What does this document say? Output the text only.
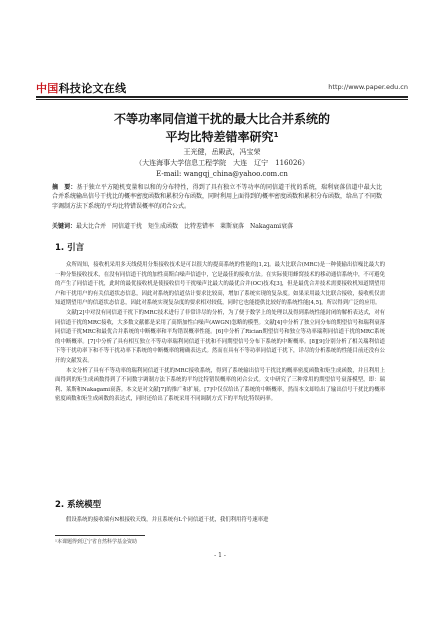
中国科技论文在线	http://www.paper.edu.cn
不等功率同信道干扰的最大比合并系统的
平均比特差错率研究$^1$
王光健，岳殿武，冯宝荣
（大连海事大学信息工程学院　大连　辽宁　116026）
E-mail: wangqj_china@yahoo.com.cn
摘　要：基于独立平方随机变量和以和的分布特性，得到了具有独立不等功率的同信道干扰的系统，瑞利衰落信道中最大比合并系统输出信号干扰比的概率密度函数和累积分布函数，同时利用上面得到的概率密度函数和累积分布函数，给出了不同数字调制方法下系统的平均比特错误概率的闭合公式。
关键词：最大比合并　同信道干扰　矩生成函数　比特差错率　莱斯衰落　Nakagami衰落
1. 引言

众所周知，接收机采用多天线使用分集接收技术是可以很大的提高系统的性能的[1,2]。最大比联合(MRC)是一种使输出信噪比最大的一种分集接收技术，在没有同信道干扰的加性高斯白噪声信道中，它是最佳的接收方法。在实际使用蜂窝技术的移动通信系统中，不可避免的产生了同信道干扰，此时的最优接收机是使接收信号干扰噪声比最大的最优合并(OC)技术[3]，但是最优合并技术需要接收机知道期望用户和干扰用户的有关信道状态信息，因此对系统的信道估计要求比较高，增加了系统实现的复杂度。如果采用最大比联合接收，接收机仅需知道期望用户的信道状态信息，因此对系统实现复杂度的要求相对较低，同时它也能提供比较好的系统性能[4,5]，所以得到广泛的应用。

文献[2]中对没有同信道干扰下的MRC技术进行了非常详尽的分析，为了便于数学上的处理以及得到系统性能封闭的解析表达式，对有同信道干扰的MRC接收，大多数文献都是采用了高斯加性白噪声(AWGN)忽略的模型。文献[4]中分析了独立同分布的期望信号和瑞利衰落同信道干扰MRC和最优合并系统的中断概率和平均错误概率性能。[6]中分析了Rician期望信号和独立等功率瑞利同信道干扰的MRC系统的中断概率。[7]中分析了具有相互独立不等功率瑞利同信道干扰和不同期望信号分布下系统的中断概率。[8][9]分别分析了相关瑞利信道下等干扰功率下和不等干扰功率下系统的中断概率的精确表达式。然而在具有不等功率同信道干扰下，详尽的分析系统的性能目前还没有公开的文献发表。

本文分析了具有不等功率的瑞利同信道干扰的MRC接收系统，得到了系统输出信号干扰比的概率密度函数和矩生成函数，并且利用上面得到的矩生成函数得到了不同数字调制方法下系统的平均比特错误概率的闭合公式。文中研究了三种常用的期望信号衰落模型，即：瑞利、莱斯和Nakagami衰落。本文是对文献[7]的推广和扩展。[7]中仅仅给出了系统的中断概率，然而本文却给出了输出信号干扰比的概率密度函数和矩生成函数的表达式，同时还给出了系统采用不同调制方式下的平均比特误码率。

2. 系统模型
假设系统的接收端有N根接收天线，并且系统有L个同信道干扰，我们利用符号速率进
¹本课题得到辽宁省自然科学基金资助
- 1 -
